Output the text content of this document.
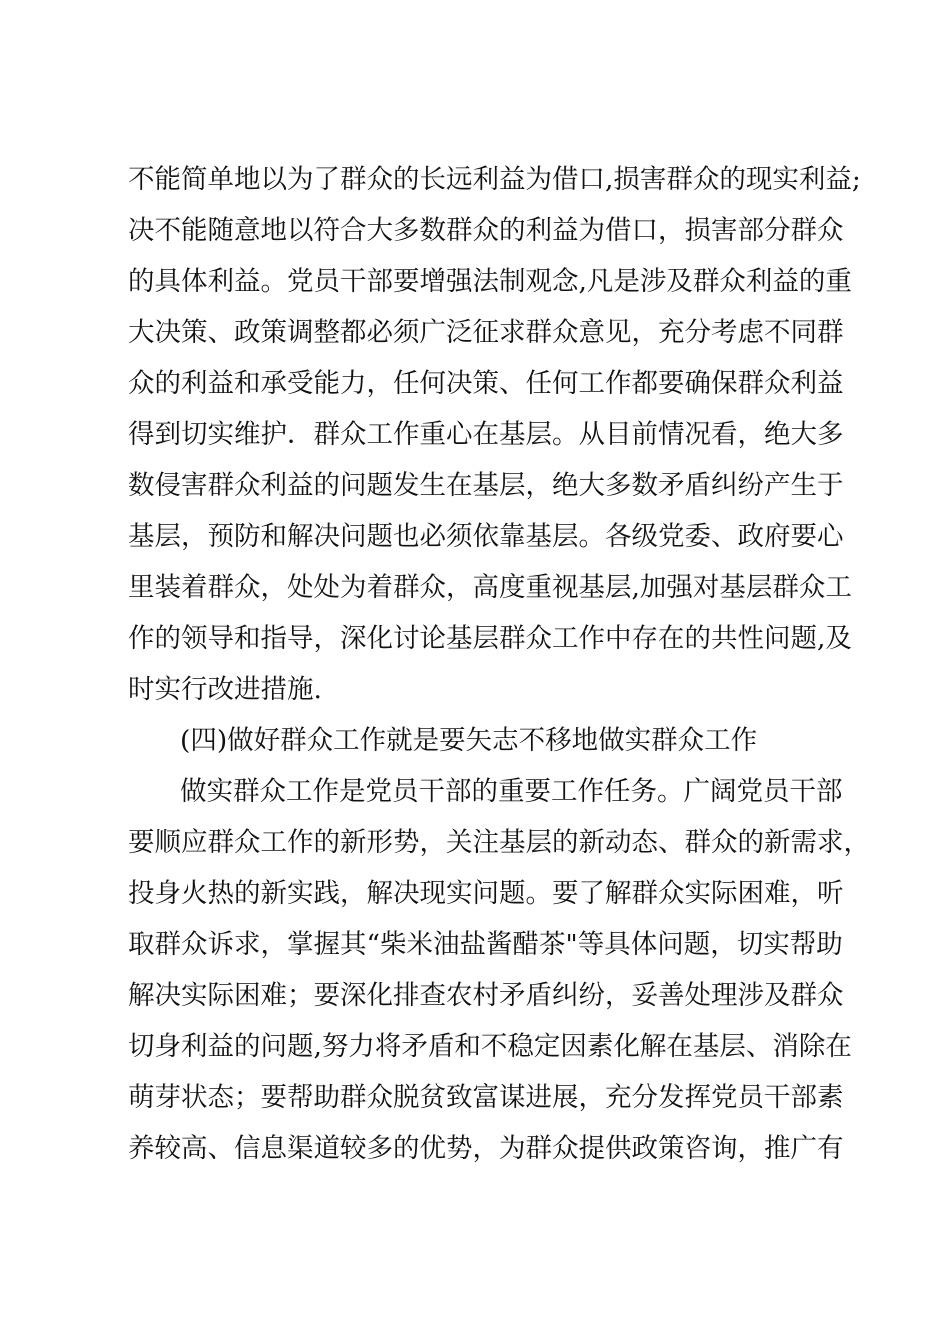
不能简单地以为了群众的长远利益为借口,损害群众的现实利益;
决不能随意地以符合大多数群众的利益为借口，损害部分群众
的具体利益。党员干部要增强法制观念,凡是涉及群众利益的重
大决策、政策调整都必须广泛征求群众意见，充分考虑不同群
众的利益和承受能力，任何决策、任何工作都要确保群众利益
得到切实维护．群众工作重心在基层。从目前情况看，绝大多
数侵害群众利益的问题发生在基层，绝大多数矛盾纠纷产生于
基层，预防和解决问题也必须依靠基层。各级党委、政府要心
里装着群众，处处为着群众，高度重视基层,加强对基层群众工
作的领导和指导，深化讨论基层群众工作中存在的共性问题,及
时实行改进措施.
(四)做好群众工作就是要矢志不移地做实群众工作
做实群众工作是党员干部的重要工作任务。广阔党员干部
要顺应群众工作的新形势，关注基层的新动态、群众的新需求，
投身火热的新实践，解决现实问题。要了解群众实际困难，听
取群众诉求，掌握其“柴米油盐酱醋茶"等具体问题，切实帮助
解决实际困难；要深化排查农村矛盾纠纷，妥善处理涉及群众
切身利益的问题,努力将矛盾和不稳定因素化解在基层、消除在
萌芽状态；要帮助群众脱贫致富谋进展，充分发挥党员干部素
养较高、信息渠道较多的优势，为群众提供政策咨询，推广有
